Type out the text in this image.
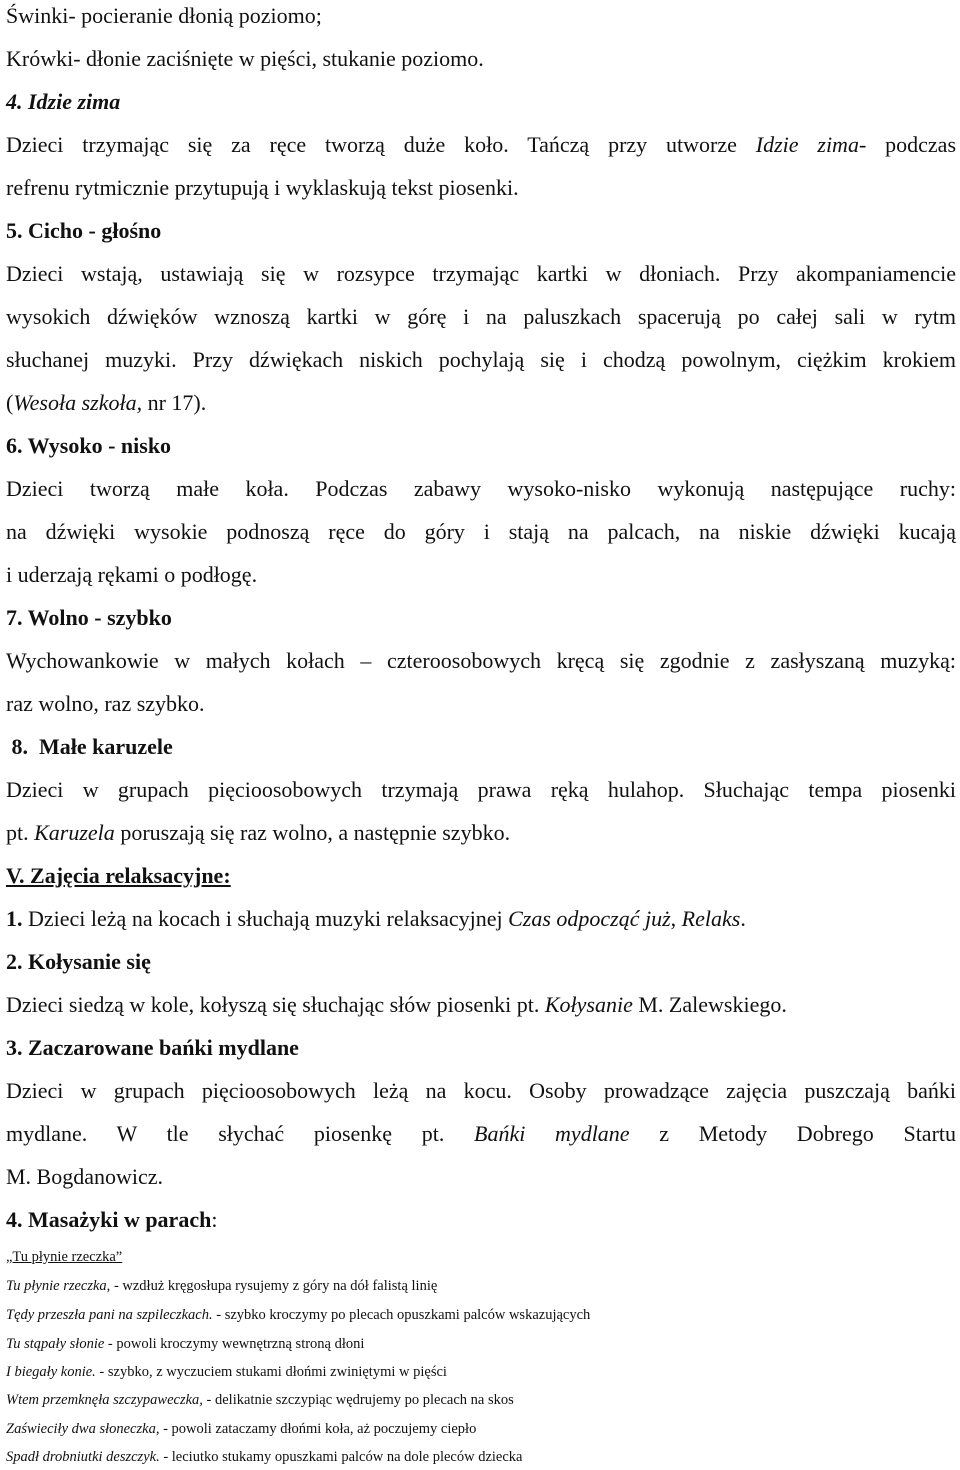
Świnki- pocieranie dłonią poziomo;
Krówki- dłonie zaciśnięte w pięści, stukanie poziomo.
4. Idzie zima
Dzieci trzymając się za ręce tworzą duże koło. Tańczą przy utworze Idzie zima- podczas
refrenu rytmicznie przytupują i wyklaskują tekst piosenki.
5. Cicho - głośno
Dzieci wstają, ustawiają się w rozsypce trzymając kartki w dłoniach. Przy akompaniamencie
wysokich dźwięków wznoszą kartki w górę i na paluszkach spacerują po całej sali w rytm
słuchanej muzyki. Przy dźwiękach niskich pochylają się i chodzą powolnym, ciężkim krokiem
(Wesoła szkoła, nr 17).
6. Wysoko - nisko
Dzieci tworzą małe koła. Podczas zabawy wysoko-nisko wykonują następujące ruchy:
na dźwięki wysokie podnoszą ręce do góry i stają na palcach, na niskie dźwięki kucają
i uderzają rękami o podłogę.
7. Wolno - szybko
Wychowankowie w małych kołach – czteroosobowych kręcą się zgodnie z zasłyszaną muzyką:
raz wolno, raz szybko.
8.  Małe karuzele
Dzieci w grupach pięcioosobowych trzymają prawa ręką hulahop. Słuchając tempa piosenki
pt. Karuzela poruszają się raz wolno, a następnie szybko.
V. Zajęcia relaksacyjne:
1. Dzieci leżą na kocach i słuchają muzyki relaksacyjnej Czas odpocząć już, Relaks.
2. Kołysanie się
Dzieci siedzą w kole, kołyszą się słuchając słów piosenki pt. Kołysanie M. Zalewskiego.
3. Zaczarowane bańki mydlane
Dzieci w grupach pięcioosobowych leżą na kocu. Osoby prowadzące zajęcia puszczają bańki
mydlane. W tle słychać piosenkę pt. Bańki mydlane z Metody Dobrego Startu
M. Bogdanowicz.
4. Masażyki w parach:
„Tu płynie rzeczka”
Tu płynie rzeczka, - wzdłuż kręgosłupa rysujemy z góry na dół falistą linię
Tędy przeszła pani na szpileczkach. - szybko kroczymy po plecach opuszkami palców wskazujących
Tu stąpały słonie - powoli kroczymy wewnętrzną stroną dłoni
I biegały konie. - szybko, z wyczuciem stukami dłońmi zwiniętymi w pięści
Wtem przemknęła szczypaweczka, - delikatnie szczypiąc wędrujemy po plecach na skos
Zaświeciły dwa słoneczka, - powoli zataczamy dłońmi koła, aż poczujemy ciepło
Spadł drobniutki deszczyk. - leciutko stukamy opuszkami palców na dole pleców dziecka
